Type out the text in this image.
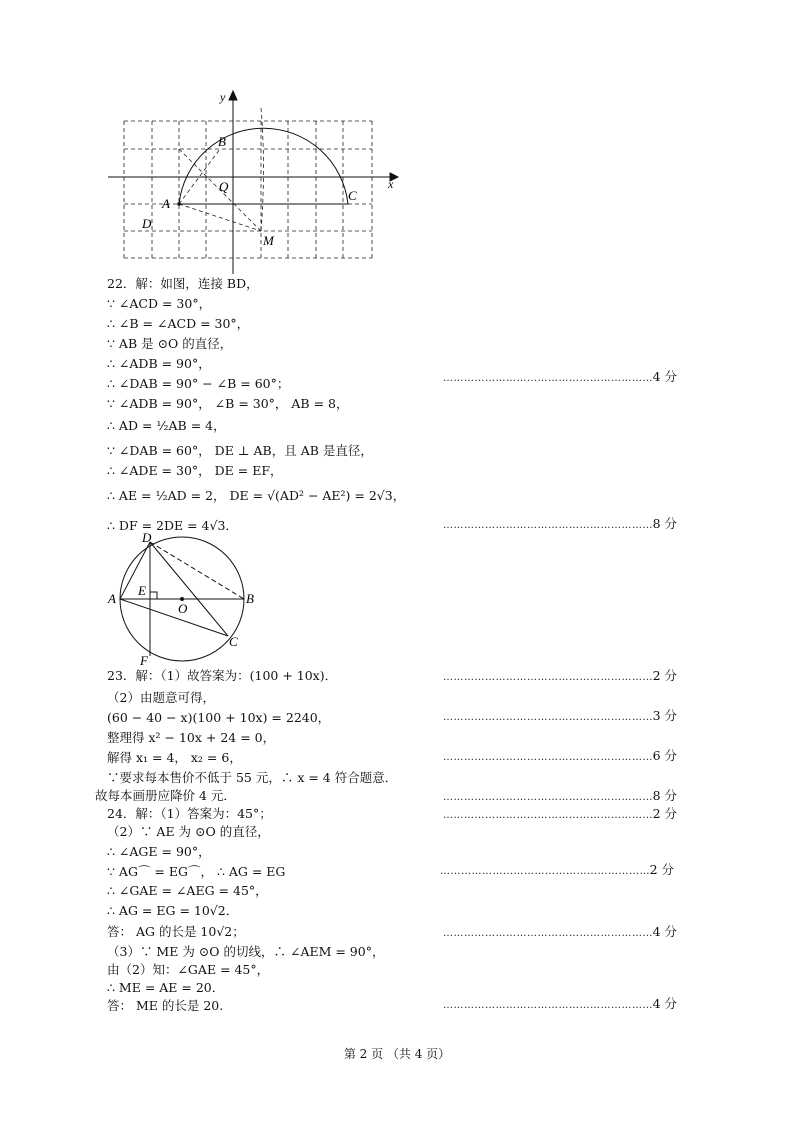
y
x
B
Q
A
C
D
M
D
A
E
O
B
C
F
22．解：如图，连接 BD，
∵ ∠ACD = 30°，
∴ ∠B = ∠ACD = 30°，
∵ AB 是 ⊙O 的直径，
∴ ∠ADB = 90°，
∴ ∠DAB = 90° − ∠B = 60°；
∵ ∠ADB = 90°， ∠B = 30°， AB = 8，
∴ AD = ½AB = 4，
∵ ∠DAB = 60°， DE ⊥ AB，且 AB 是直径，
∴ ∠ADE = 30°， DE = EF，
∴ AE = ½AD = 2， DE = √(AD² − AE²) = 2√3，
∴ DF = 2DE = 4√3．
23．解：（1）故答案为：(100 + 10x)．
（2）由题意可得，
(60 − 40 − x)(100 + 10x) = 2240，
整理得 x² − 10x + 24 = 0，
解得 x₁ = 4， x₂ = 6，
∵要求每本售价不低于 55 元，∴ x = 4 符合题意．
故每本画册应降价 4 元．
24．解：（1）答案为：45°；
（2）∵ AE 为 ⊙O 的直径，
∴ ∠AGE = 90°，
∵ AG⌒ = EG⌒， ∴ AG = EG
∴ ∠GAE = ∠AEG = 45°，
∴ AG = EG = 10√2．
答： AG 的长是 10√2；
（3）∵ ME 为 ⊙O 的切线，∴ ∠AEM = 90°，
由（2）知：∠GAE = 45°，
∴ ME = AE = 20．
答： ME 的长是 20.
…………………………………………………………………………………………
4 分
…………………………………………………………………………………………
8 分
…………………………………………………………………………………………
2 分
…………………………………………………………………………………………
3 分
…………………………………………………………………………………………
6 分
…………………………………………………………………………………………
8 分
…………………………………………………………………………………………
2 分
…………………………………………………………………………………………
2 分
…………………………………………………………………………………………
4 分
…………………………………………………………………………………………
4 分
第 2 页 （共 4 页）
